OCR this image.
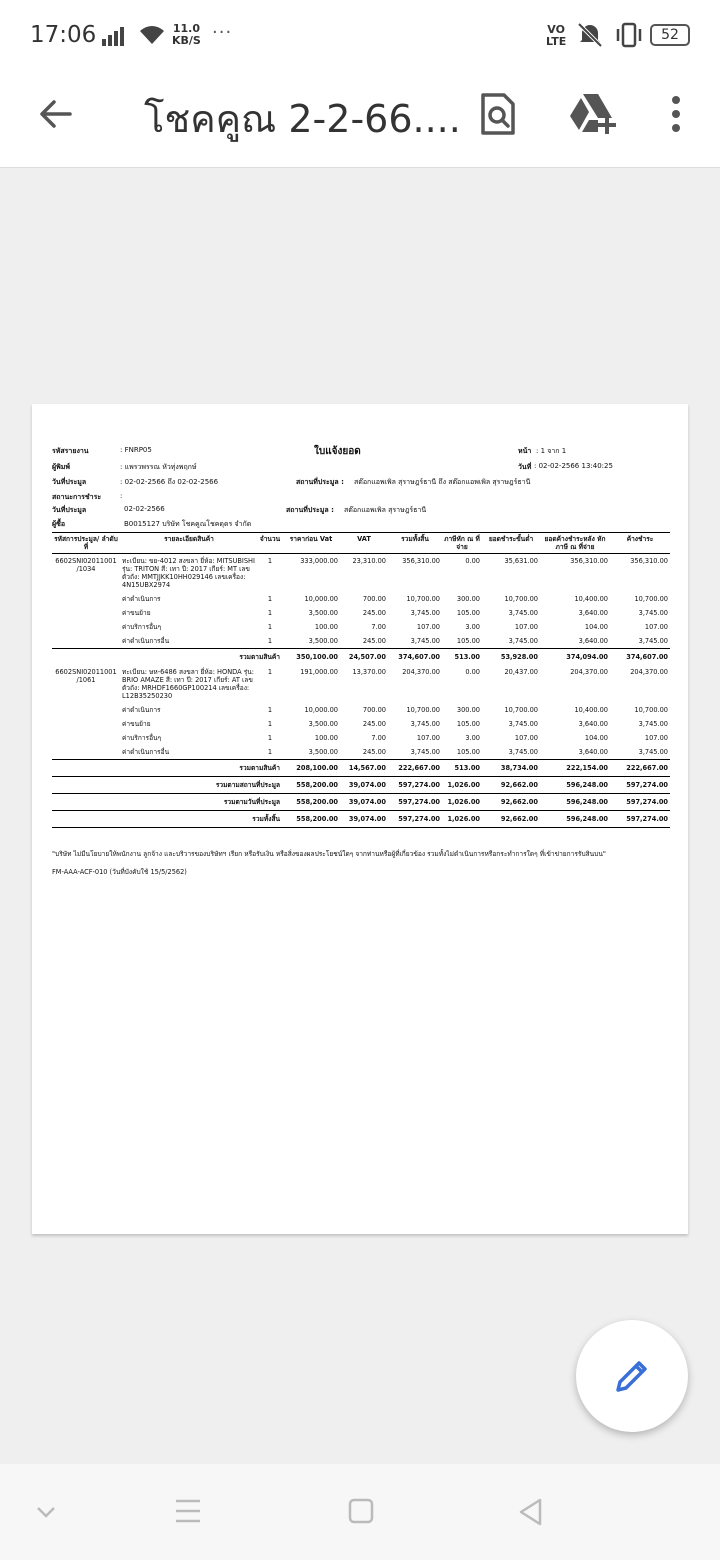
17:06	11.0
KB/S ···	VO
LTE	52
โชคคูณ 2-2-66....
รหัสรายงาน	: FNRP05	ใบแจ้งยอด	หน้า : 1 จาก 1
ผู้พิมพ์	: แพรวพรรณ หัวทุ่งพฤกษ์	วันที่ : 02-02-2566 13:40:25
วันที่ประมูล	: 02-02-2566 ถึง 02-02-2566	สถานที่ประมูล : สต๊อกแอพเพิล สุราษฎร์ธานี ถึง สต๊อกแอพเพิล สุราษฎร์ธานี
สถานะการชำระ	:
วันที่ประมูล	02-02-2566	สถานที่ประมูล : สต๊อกแอพเพิล สุราษฎร์ธานี
ผู้ซื้อ	B0015127 บริษัท โชคคูณโชคดุดร จำกัด
รหัสการประมูล/ ลำดับที่	รายละเอียดสินค้า	จำนวน	ราคาก่อน Vat	VAT	รวมทั้งสิ้น	ภาษีหัก ณ ที่จ่าย	ยอดชำระขั้นต่ำ	ยอดค้างชำระหลัง หักภาษี ณ ที่จ่าย	ค้างชำระ
6602SNI02011001 /1034	ทะเบียน: ขย-4012 สงขลา ยี่ห้อ: MITSUBISHI รุ่น: TRITON สี: เทา ปี: 2017 เกียร์: MT เลขตัวถัง: MMTJJKK10HH029146 เลขเครื่อง: 4N15UBX2974	1	333,000.00	23,310.00	356,310.00	0.00	35,631.00	356,310.00	356,310.00
	ค่าดำเนินการ	1	10,000.00	700.00	10,700.00	300.00	10,700.00	10,400.00	10,700.00
	ค่าขนย้าย	1	3,500.00	245.00	3,745.00	105.00	3,745.00	3,640.00	3,745.00
	ค่าบริการอื่นๆ	1	100.00	7.00	107.00	3.00	107.00	104.00	107.00
	ค่าดำเนินการอื่น	1	3,500.00	245.00	3,745.00	105.00	3,745.00	3,640.00	3,745.00
รวมตามสินค้า			350,100.00	24,507.00	374,607.00	513.00	53,928.00	374,094.00	374,607.00
6602SNI02011001 /1061	ทะเบียน: ษห-6486 สงขลา ยี่ห้อ: HONDA รุ่น: BRIO AMAZE สี: เทา ปี: 2017 เกียร์: AT เลขตัวถัง: MRHDF1660GP100214 เลขเครื่อง: L12B35250230	1	191,000.00	13,370.00	204,370.00	0.00	20,437.00	204,370.00	204,370.00
	ค่าดำเนินการ	1	10,000.00	700.00	10,700.00	300.00	10,700.00	10,400.00	10,700.00
	ค่าขนย้าย	1	3,500.00	245.00	3,745.00	105.00	3,745.00	3,640.00	3,745.00
	ค่าบริการอื่นๆ	1	100.00	7.00	107.00	3.00	107.00	104.00	107.00
	ค่าดำเนินการอื่น	1	3,500.00	245.00	3,745.00	105.00	3,745.00	3,640.00	3,745.00
รวมตามสินค้า			208,100.00	14,567.00	222,667.00	513.00	38,734.00	222,154.00	222,667.00
รวมตามสถานที่ประมูล			558,200.00	39,074.00	597,274.00	1,026.00	92,662.00	596,248.00	597,274.00
รวมตามวันที่ประมูล			558,200.00	39,074.00	597,274.00	1,026.00	92,662.00	596,248.00	597,274.00
รวมทั้งสิ้น			558,200.00	39,074.00	597,274.00	1,026.00	92,662.00	596,248.00	597,274.00
"บริษัท ไม่มีนโยบายให้พนักงาน ลูกจ้าง และบริวารของบริษัทฯ เรียก หรือรับเงิน หรือสิ่งของผลประโยชน์ใดๆ จากท่านหรือผู้ที่เกี่ยวข้อง รวมทั้งไม่ดำเนินการหรือกระทำการใดๆ ที่เข้าข่ายการรับสินบน"
FM-AAA-ACF-010 (วันที่บังคับใช้ 15/5/2562)
